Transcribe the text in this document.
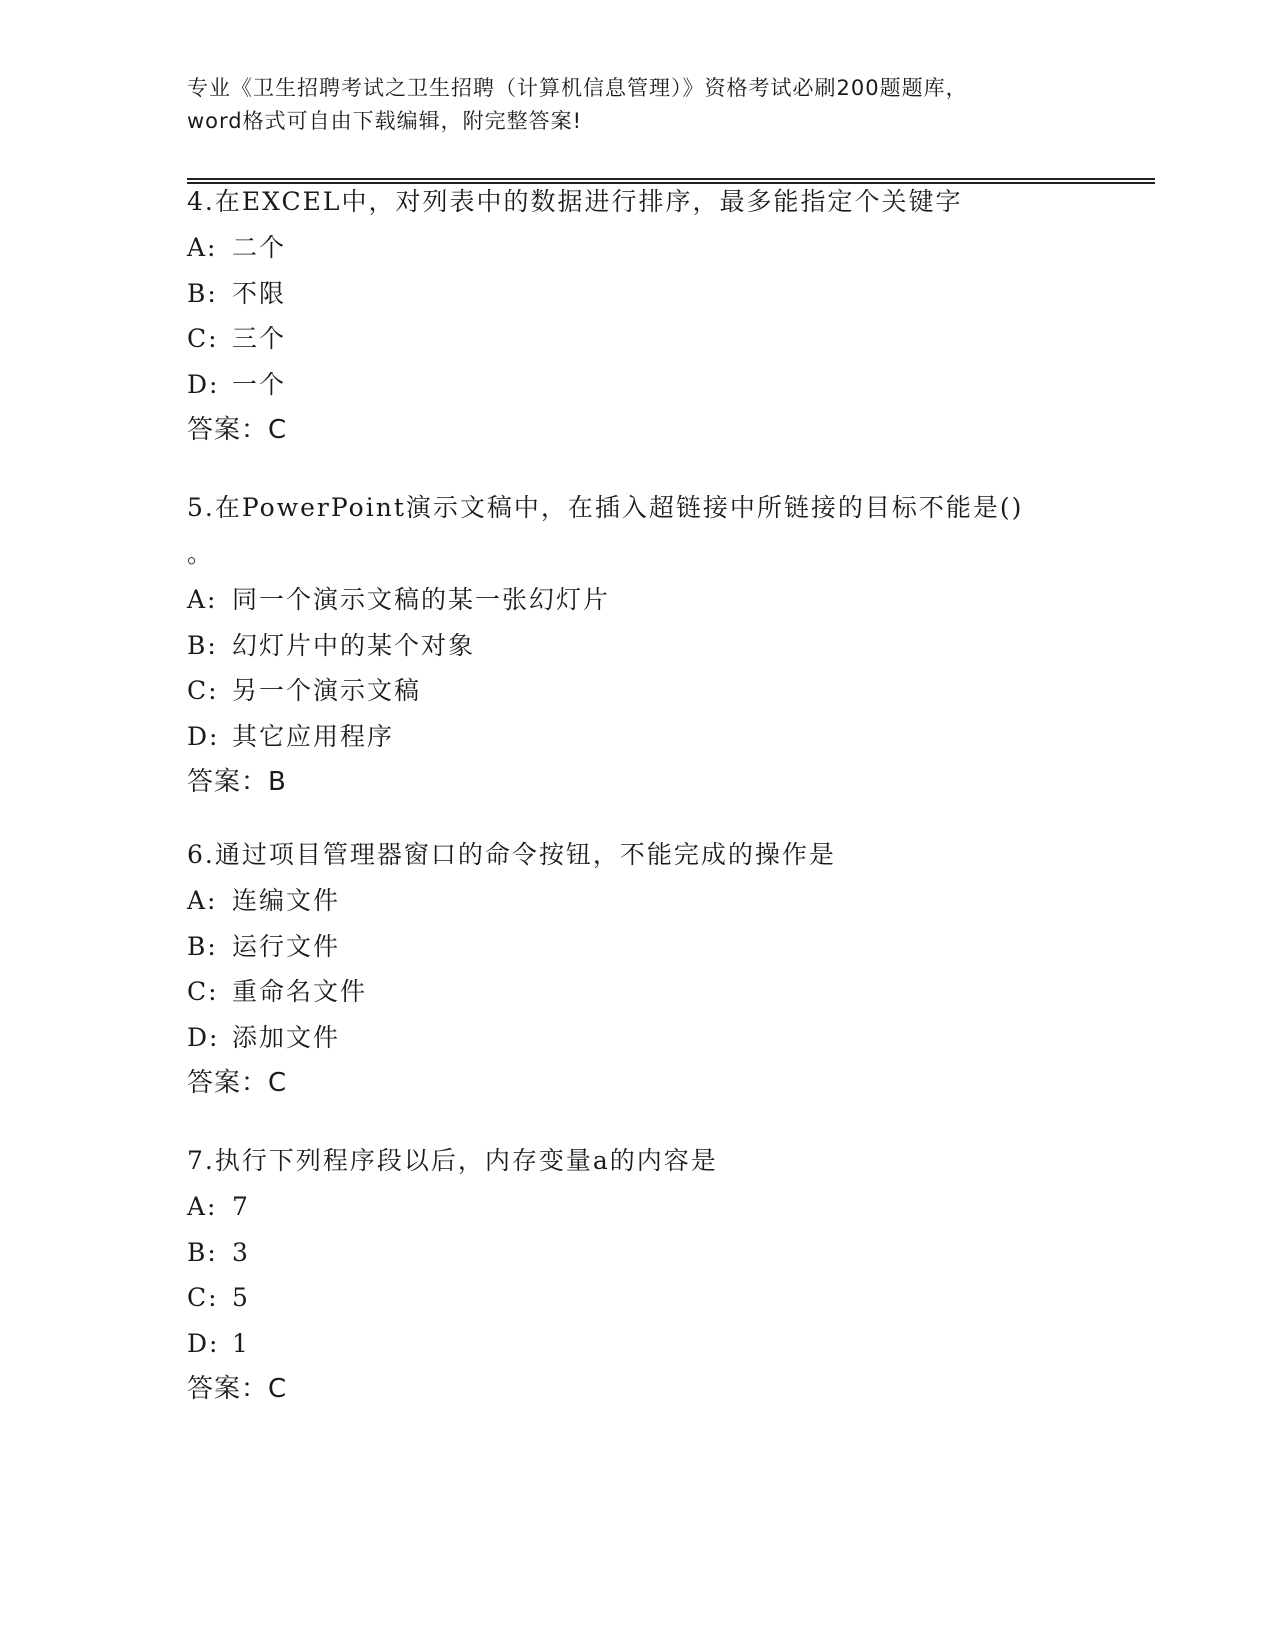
专业《卫生招聘考试之卫生招聘（计算机信息管理）》资格考试必刷200题题库，
word格式可自由下载编辑，附完整答案!

4.在EXCEL中，对列表中的数据进行排序，最多能指定个关键字

A: 二个

B: 不限

C: 三个

D: 一个

答案：C

5.在PowerPoint演示文稿中，在插入超链接中所链接的目标不能是()

。

A: 同一个演示文稿的某一张幻灯片

B: 幻灯片中的某个对象

C: 另一个演示文稿

D: 其它应用程序

答案：B

6.通过项目管理器窗口的命令按钮，不能完成的操作是

A: 连编文件

B: 运行文件

C: 重命名文件

D: 添加文件

答案：C

7.执行下列程序段以后，内存变量a的内容是

A: 7

B: 3

C: 5

D: 1

答案：C
